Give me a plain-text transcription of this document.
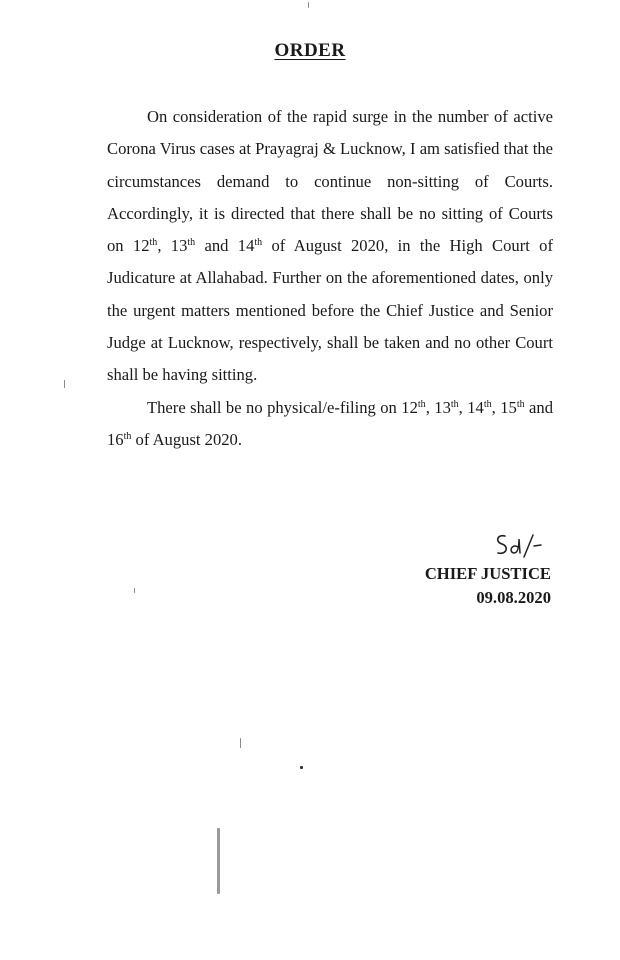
ORDER

On consideration of the rapid surge in the number of active Corona Virus cases at Prayagraj & Lucknow, I am satisfied that the circumstances demand to continue non-sitting of Courts. Accordingly, it is directed that there shall be no sitting of Courts on 12th, 13th and 14th of August 2020, in the High Court of Judicature at Allahabad. Further on the aforementioned dates, only the urgent matters mentioned before the Chief Justice and Senior Judge at Lucknow, respectively, shall be taken and no other Court shall be having sitting.

There shall be no physical/e-filing on 12th, 13th, 14th, 15th and 16th of August 2020.

CHIEF JUSTICE
09.08.2020
